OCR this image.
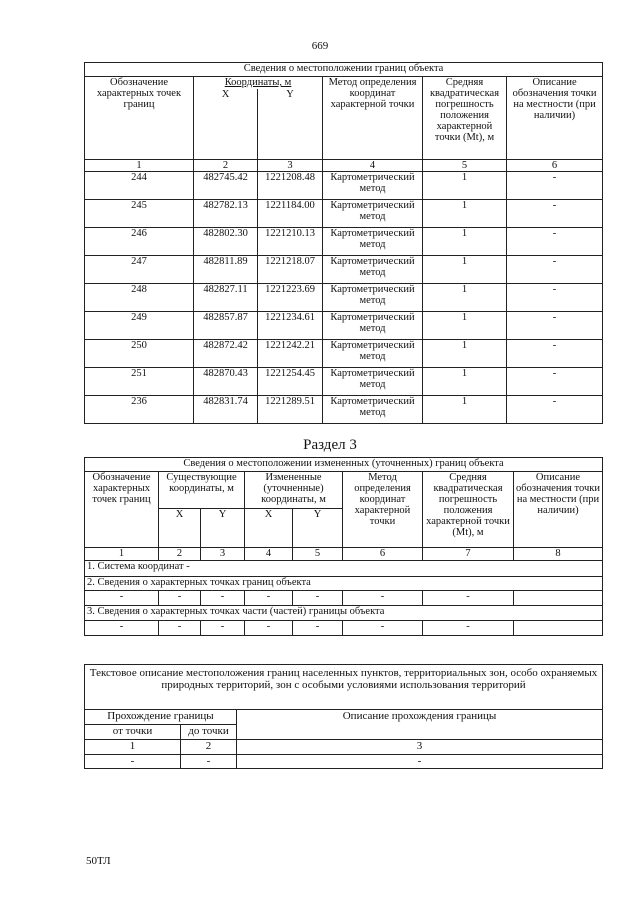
669
Сведения о местоположении границ объекта					
Обозначение характерных точек границ	Координаты, м		Метод определения координат характерной точки	Средняя квадратическая погрешность положения характерной точки (Mt), м	Описание обозначения точки на местности (при наличии)
	X	Y			
1	2	3	4	5	6
244	482745.42	1221208.48	Картометрический метод	1	-
245	482782.13	1221184.00	Картометрический метод	1	-
246	482802.30	1221210.13	Картометрический метод	1	-
247	482811.89	1221218.07	Картометрический метод	1	-
248	482827.11	1221223.69	Картометрический метод	1	-
249	482857.87	1221234.61	Картометрический метод	1	-
250	482872.42	1221242.21	Картометрический метод	1	-
251	482870.43	1221254.45	Картометрический метод	1	-
236	482831.74	1221289.51	Картометрический метод	1	-
Раздел 3
Сведения о местоположении измененных (уточненных) границ объекта							
Обозначение характерных точек границ	Существующие координаты, м		Измененные (уточненные) координаты, м		Метод определения координат характерной точки	Средняя квадратическая погрешность положения характерной точки (Mt), м	Описание обозначения точки на местности (при наличии)
	X	Y	X	Y			
1	2	3	4	5	6	7	8
1. Система координат -							
2. Сведения о характерных точках границ объекта							
-	-	-	-	-	-	-	
3. Сведения о характерных точках части (частей) границы объекта							
-	-	-	-	-	-	-	
Текстовое описание местоположения границ населенных пунктов, территориальных зон, особо охраняемых природных территорий, зон с особыми условиями использования территорий		
Прохождение границы		Описание прохождения границы
от точки	до точки	
1	2	3
-	-	-
50ТЛ
